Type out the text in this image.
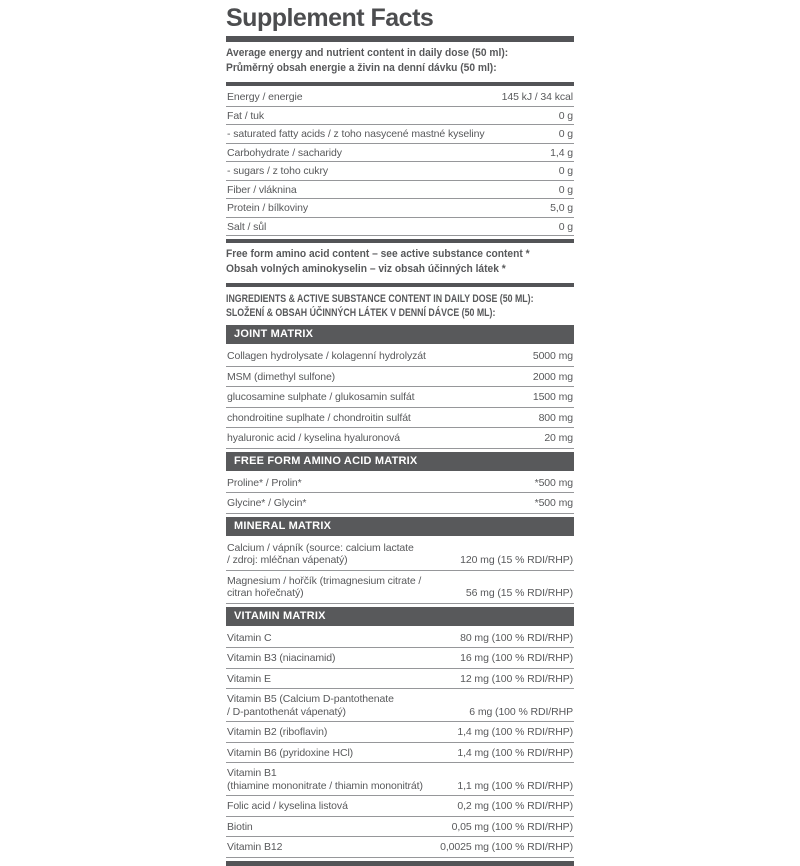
Supplement Facts
Average energy and nutrient content in daily dose (50 ml):
Průměrný obsah energie a živin na denní dávku (50 ml):
Energy / energie	145 kJ / 34 kcal
Fat / tuk	0 g
- saturated fatty acids / z toho nasycené mastné kyseliny	0 g
Carbohydrate / sacharidy	1,4 g
- sugars / z toho cukry	0 g
Fiber / vláknina	0 g
Protein / bílkoviny	5,0 g
Salt / sůl	0 g
Free form amino acid content – see active substance content *
Obsah volných aminokyselin – viz obsah účinných látek *
INGREDIENTS & ACTIVE SUBSTANCE CONTENT IN DAILY DOSE (50 ML):
SLOŽENÍ & OBSAH ÚČINNÝCH LÁTEK V DENNÍ DÁVCE (50 ML):
JOINT MATRIX
Collagen hydrolysate / kolagenní hydrolyzát	5000 mg
MSM (dimethyl sulfone)	2000 mg
glucosamine sulphate / glukosamin sulfát	1500 mg
chondroitine suplhate / chondroitin sulfát	800 mg
hyaluronic acid / kyselina hyaluronová	20 mg
FREE FORM AMINO ACID MATRIX
Proline* / Prolin*	*500 mg
Glycine* / Glycin*	*500 mg
MINERAL MATRIX
Calcium / vápník (source: calcium lactate
/ zdroj: mléčnan vápenatý)	120 mg (15 % RDI/RHP)
Magnesium / hořčík (trimagnesium citrate /
citran hořečnatý)	56 mg (15 % RDI/RHP)
VITAMIN MATRIX
Vitamin C	80 mg (100 % RDI/RHP)
Vitamin B3 (niacinamid)	16 mg (100 % RDI/RHP)
Vitamin E	12 mg (100 % RDI/RHP)
Vitamin B5 (Calcium D-pantothenate
/ D-pantothenát vápenatý)	6 mg (100 % RDI/RHP
Vitamin B2 (riboflavin)	1,4 mg (100 % RDI/RHP)
Vitamin B6 (pyridoxine HCl)	1,4 mg (100 % RDI/RHP)
Vitamin B1
(thiamine mononitrate / thiamin mononitrát)	1,1 mg (100 % RDI/RHP)
Folic acid / kyselina listová	0,2 mg (100 % RDI/RHP)
Biotin	0,05 mg (100 % RDI/RHP)
Vitamin B12	0,0025 mg (100 % RDI/RHP)
